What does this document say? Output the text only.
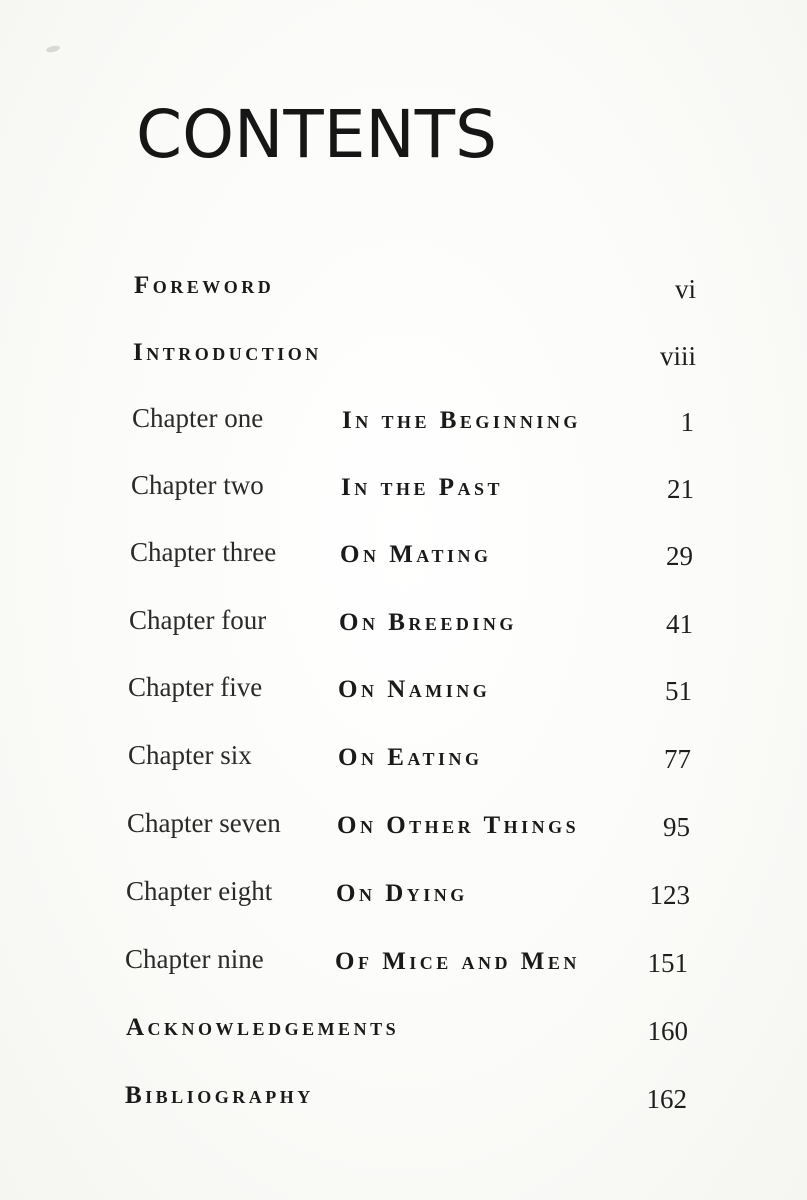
CONTENTS
Foreword	vi
Introduction	viii
Chapter one	In the Beginning	1
Chapter two	In the Past	21
Chapter three	On Mating	29
Chapter four	On Breeding	41
Chapter five	On Naming	51
Chapter six	On Eating	77
Chapter seven On Other Things	95
Chapter eight	On Dying	123
Chapter nine	Of Mice and Men	151
Acknowledgements	160
Bibliography	162
